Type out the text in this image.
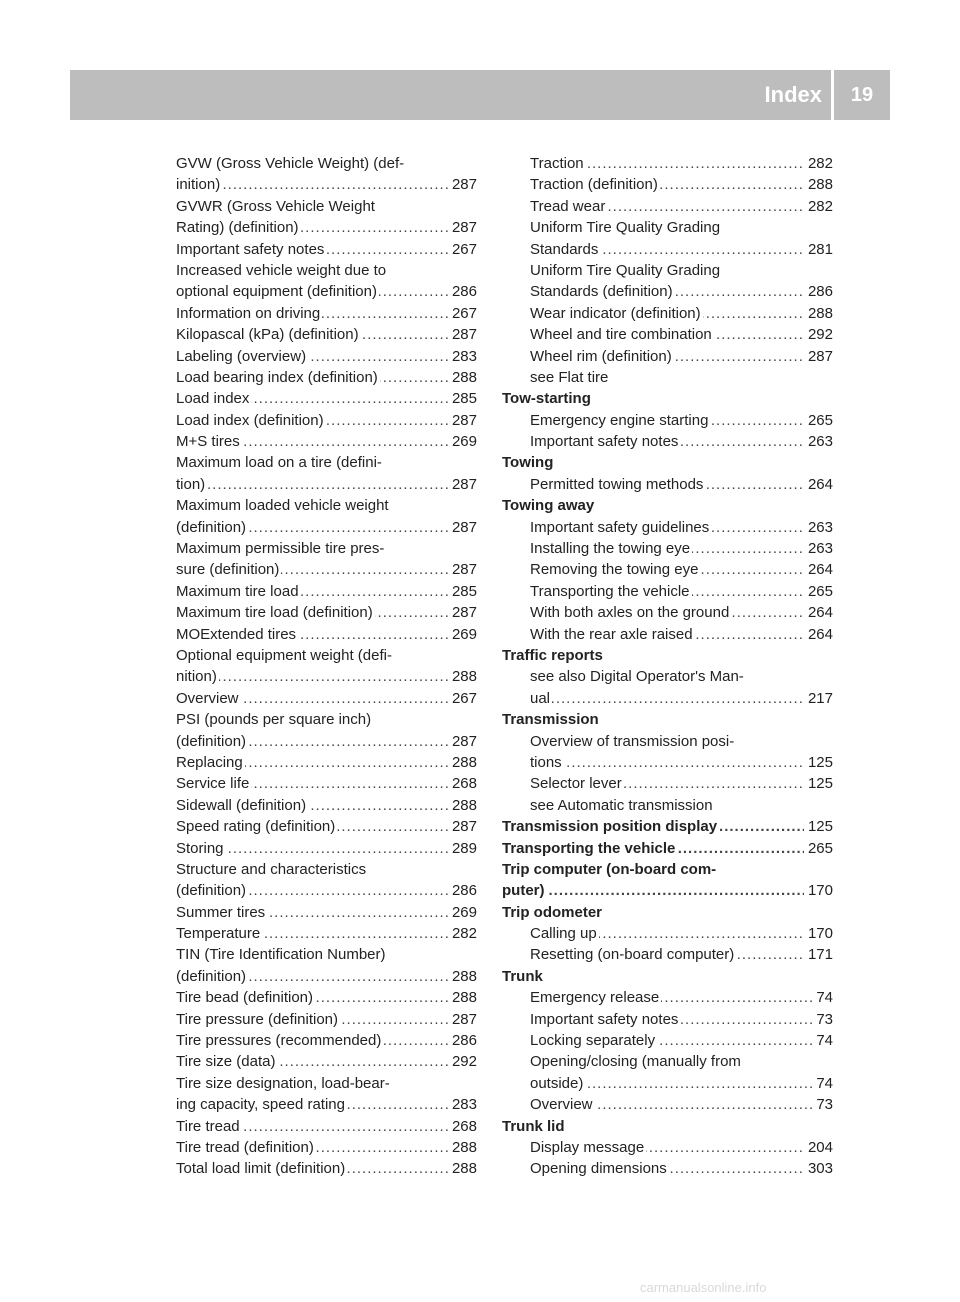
Index	19
GVW (Gross Vehicle Weight) (def-
..... inition)	287
GVWR (Gross Vehicle Weight
..... Rating) (definition)	287
..... Important safety notes	267
Increased vehicle weight due to
..... optional equipment (definition)	286
..... Information on driving	267
..... Kilopascal (kPa) (definition)	287
..... Labeling (overview)	283
..... Load bearing index (definition)	288
..... Load index	285
..... Load index (definition)	287
..... M+S tires	269
Maximum load on a tire (defini-
..... tion)	287
Maximum loaded vehicle weight
..... (definition)	287
Maximum permissible tire pres-
..... sure (definition)	287
..... Maximum tire load	285
..... Maximum tire load (definition)	287
..... MOExtended tires	269
Optional equipment weight (defi-
..... nition)	288
..... Overview	267
PSI (pounds per square inch)
..... (definition)	287
..... Replacing	288
..... Service life	268
..... Sidewall (definition)	288
..... Speed rating (definition)	287
..... Storing	289
Structure and characteristics
..... (definition)	286
..... Summer tires	269
..... Temperature	282
TIN (Tire Identification Number)
..... (definition)	288
..... Tire bead (definition)	288
..... Tire pressure (definition)	287
..... Tire pressures (recommended)	286
..... Tire size (data)	292
Tire size designation, load-bear-
..... ing capacity, speed rating	283
..... Tire tread	268
..... Tire tread (definition)	288
..... Total load limit (definition)	288
..... Traction	282
..... Traction (definition)	288
..... Tread wear	282
Uniform Tire Quality Grading
..... Standards	281
Uniform Tire Quality Grading
..... Standards (definition)	286
..... Wear indicator (definition)	288
..... Wheel and tire combination	292
..... Wheel rim (definition)	287
see Flat tire
Tow-starting
..... Emergency engine starting	265
..... Important safety notes	263
Towing
..... Permitted towing methods	264
Towing away
..... Important safety guidelines	263
..... Installing the towing eye	263
..... Removing the towing eye	264
..... Transporting the vehicle	265
..... With both axles on the ground	264
..... With the rear axle raised	264
Traffic reports
see also Digital Operator's Man-
..... ual	217
Transmission
Overview of transmission posi-
..... tions	125
..... Selector lever	125
see Automatic transmission
..... Transmission position display	125
..... Transporting the vehicle	265
Trip computer (on-board com-
..... puter)	170
Trip odometer
..... Calling up	170
..... Resetting (on-board computer)	171
Trunk
..... Emergency release	74
..... Important safety notes	73
..... Locking separately	74
Opening/closing (manually from
..... outside)	74
..... Overview	73
Trunk lid
..... Display message	204
..... Opening dimensions	303
carmanualsonline.info
